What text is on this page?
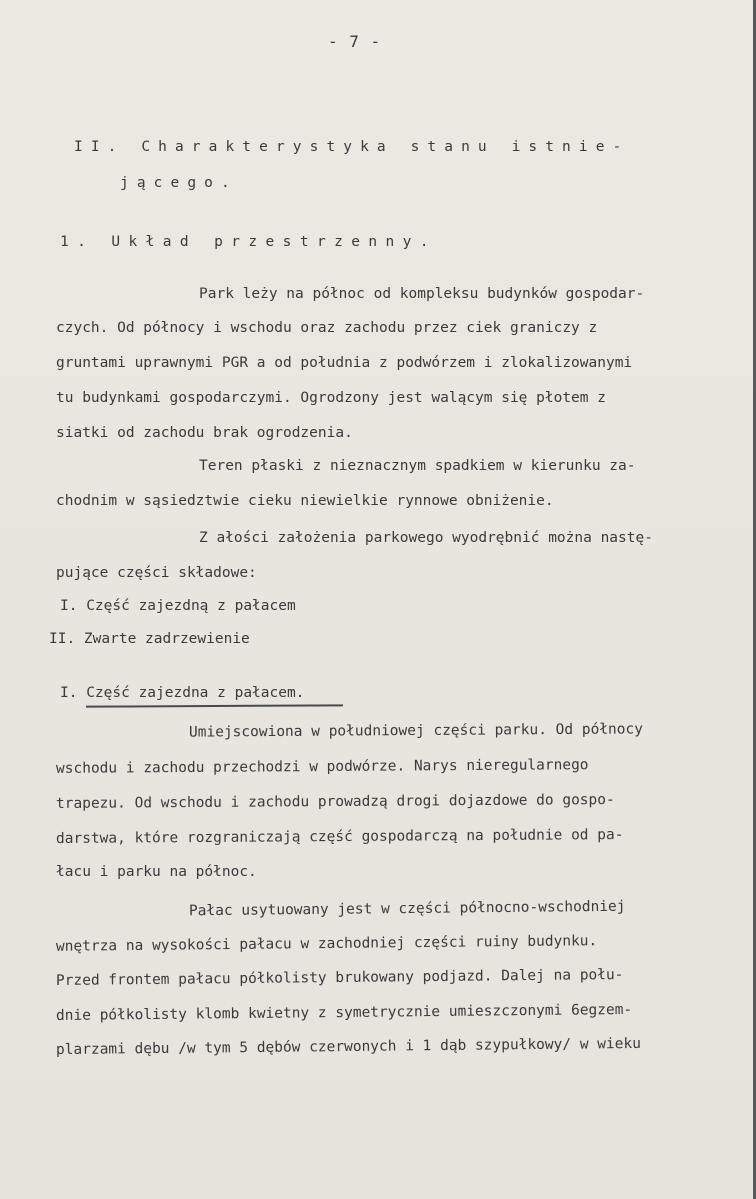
- 7 -
II. Charakterystyka stanu istnie-
jącego.
1. Układ przestrzenny.
Park leży na północ od kompleksu budynków gospodar-
czych. Od północy i wschodu oraz zachodu przez ciek graniczy z
gruntami uprawnymi PGR a od południa z podwórzem i zlokalizowanymi
tu budynkami gospodarczymi. Ogrodzony jest walącym się płotem z
siatki od zachodu brak ogrodzenia.
Teren płaski z nieznacznym spadkiem w kierunku za-
chodnim w sąsiedztwie cieku niewielkie rynnowe obniżenie.
Z ałości założenia parkowego wyodrębnić można nastę-
pujące części składowe:
I. Część zajezdną z pałacem
II. Zwarte zadrzewienie
I. Część zajezdna z pałacem.
Umiejscowiona w południowej części parku. Od północy
wschodu i zachodu przechodzi w podwórze. Narys nieregularnego
trapezu. Od wschodu i zachodu prowadzą drogi dojazdowe do gospo-
darstwa, które rozgraniczają część gospodarczą na południe od pa-
łacu i parku na północ.
Pałac usytuowany jest w części północno-wschodniej
wnętrza na wysokości pałacu w zachodniej części ruiny budynku.
Przed frontem pałacu półkolisty brukowany podjazd. Dalej na połu-
dnie półkolisty klomb kwietny z symetrycznie umieszczonymi 6egzem-
plarzami dębu /w tym 5 dębów czerwonych i 1 dąb szypułkowy/ w wieku
